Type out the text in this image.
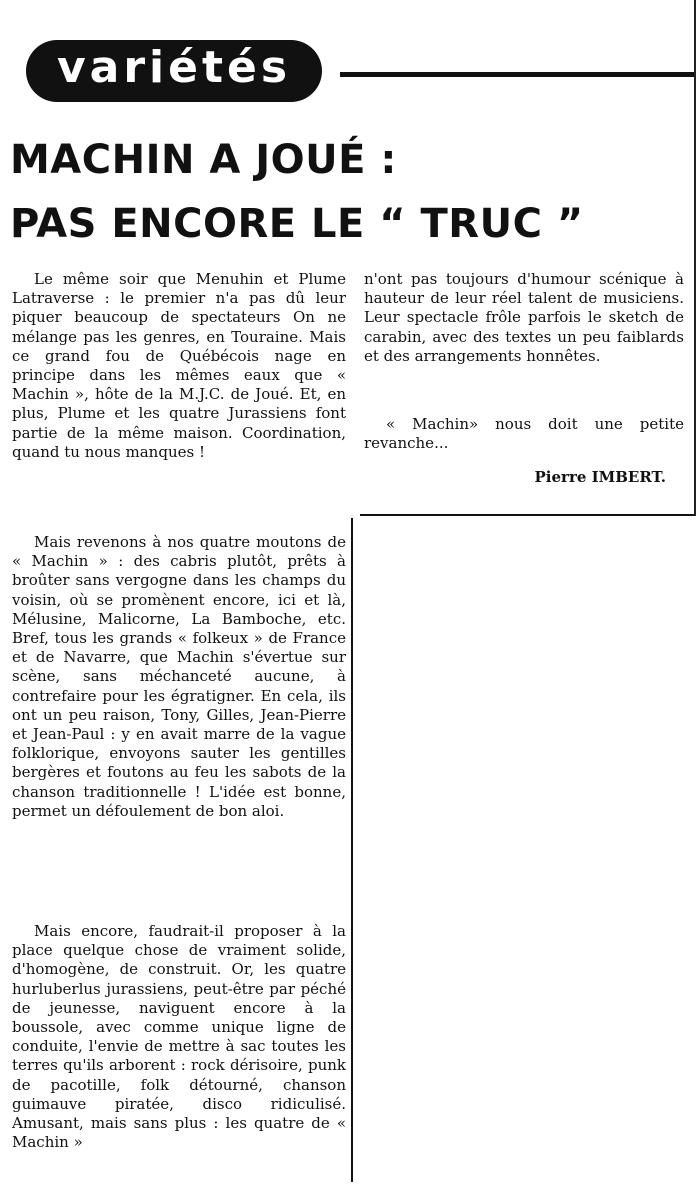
variétés
MACHIN A JOUÉ :
PAS ENCORE LE “ TRUC ”

Le même soir que Menuhin et Plume Latraverse : le premier n'a pas dû leur piquer beaucoup de spectateurs On ne mélange pas les genres, en Touraine. Mais ce grand fou de Québécois nage en principe dans les mêmes eaux que « Machin », hôte de la M.J.C. de Joué. Et, en plus, Plume et les quatre Jurassiens font partie de la même maison. Coordination, quand tu nous manques !

Mais revenons à nos quatre moutons de « Machin » : des cabris plutôt, prêts à broûter sans vergogne dans les champs du voisin, où se promènent encore, ici et là, Mélusine, Malicorne, La Bamboche, etc. Bref, tous les grands « folkeux » de France et de Navarre, que Machin s'évertue sur scène, sans méchanceté aucune, à contrefaire pour les égratigner. En cela, ils ont un peu raison, Tony, Gilles, Jean-Pierre et Jean-Paul : y en avait marre de la vague folklorique, envoyons sauter les gentilles bergères et foutons au feu les sabots de la chanson traditionnelle ! L'idée est bonne, permet un défoulement de bon aloi.

Mais encore, faudrait-il proposer à la place quelque chose de vraiment solide, d'homogène, de construit. Or, les quatre hurluberlus jurassiens, peut-être par péché de jeunesse, naviguent encore à la boussole, avec comme unique ligne de conduite, l'envie de mettre à sac toutes les terres qu'ils arborent : rock dérisoire, punk de pacotille, folk détourné, chanson guimauve piratée, disco ridiculisé. Amusant, mais sans plus : les quatre de « Machin »

n'ont pas toujours d'humour scénique à hauteur de leur réel talent de musiciens. Leur spectacle frôle parfois le sketch de carabin, avec des textes un peu faiblards et des arrangements honnêtes.

« Machin» nous doit une petite revanche...

Pierre IMBERT.
